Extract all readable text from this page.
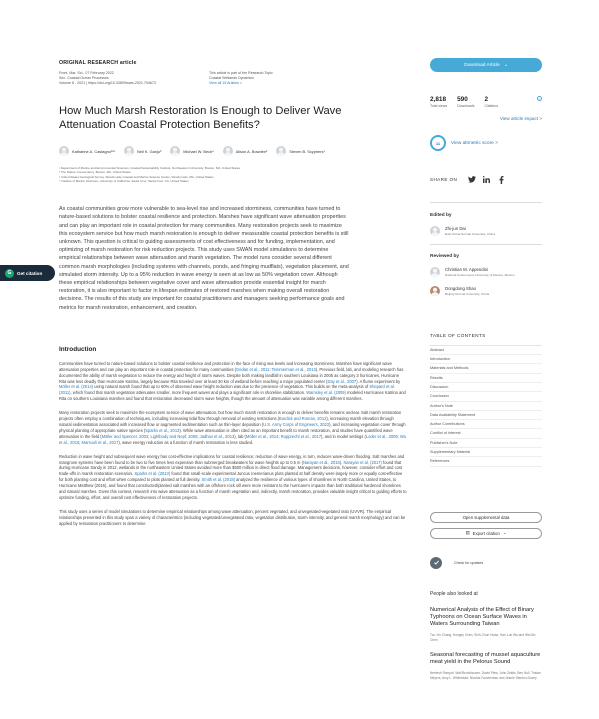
G	Get citation
ORIGINAL RESEARCH article
Front. Mar. Sci., 07 February 2022
Sec. Coastal Ocean Processes
Volume 8 - 2021 | https://doi.org/10.3389/fmars.2021.794673
This article is part of the Research Topic
Coastal Wetlands Dynamics
View all 15 Articles >
How Much Marsh Restoration Is Enough to Deliver Wave Attenuation Coastal Protection Benefits?
Katharine A. Castagno¹²*	Neil K. Ganju³	Michael W. Beck⁴	Alison A. Bowden²	Steven B. Scyphers¹
¹ Department of Marine and Environmental Sciences, Coastal Sustainability Institute, Northeastern University, Boston, MA, United States
² The Nature Conservancy, Boston, MA, United States
³ United States Geological Survey, Woods Hole Coastal and Marine Science Center, Woods Hole, MA, United States
⁴ Institute of Marine Sciences, University of California, Santa Cruz, Santa Cruz, CA, United States

As coastal communities grow more vulnerable to sea-level rise and increased storminess, communities have turned to nature-based solutions to bolster coastal resilience and protection. Marshes have significant wave attenuation properties and can play an important role in coastal protection for many communities. Many restoration projects seek to maximize this ecosystem service but how much marsh restoration is enough to deliver measurable coastal protection benefits is still unknown. This question is critical to guiding assessments of cost effectiveness and for funding, implementation, and optimizing of marsh restoration for risk reduction projects. This study uses SWAN model simulations to determine empirical relationships between wave attenuation and marsh vegetation. The model runs consider several different common marsh morphologies (including systems with channels, ponds, and fringing mudflats), vegetation placement, and simulated storm intensity. Up to a 95% reduction in wave energy is seen at as low as 50% vegetation cover. Although these empirical relationships between vegetative cover and wave attenuation provide essential insight for marsh restoration, it is also important to factor in lifespan estimates of restored marshes when making overall restoration decisions. The results of this study are important for coastal practitioners and managers seeking performance goals and metrics for marsh restoration, enhancement, and creation.

Introduction

Communities have turned to nature-based solutions to bolster coastal resilience and protection in the face of rising sea levels and increasing storminess. Marshes have significant wave attenuation properties and can play an important role in coastal protection for many communities (Gedan et al., 2011; Temmerman et al., 2013). Previous field, lab, and modeling research has documented the ability of marsh vegetation to reduce the energy and height of storm waves. Despite both making landfall in southern Louisiana in 2005 as category 3 hurricanes, Hurricane Rita was less deadly than Hurricane Katrina, largely because Rita traveled over at least 30 km of wetland before reaching a major populated center (Day et al., 2007). A flume experiment by Möller et al. (2014) using natural marsh found that up to 60% of observed wave height reduction was due to the presence of vegetation. This builds on the meta-analysis of Shepard et al. (2011), which found that marsh vegetation attenuates smaller, more frequent waves and plays a significant role in shoreline stabilization. Wamsley et al. (2009) modeled Hurricanes Katrina and Rita on southern Louisiana marshes and found that restoration decreased storm wave heights, though the amount of attenuation was variable among different marshes.

Many restoration projects seek to maximize the ecosystem service of wave attenuation, but how much marsh restoration is enough to deliver benefits remains unclear. Salt marsh restoration projects often employ a combination of techniques, including increasing tidal flow through removal of existing restrictions (Burdick and Roman, 2012), increasing marsh elevation through natural sedimentation associated with increased flow or augmented sedimentation such as thin-layer deposition (U.S. Army Corps of Engineers, 2022), and increasing vegetation cover through physical planting of appropriate native species (Sparks et al., 2013). While wave attenuation is often cited as an important benefit to marsh restoration, and studies have quantified wave attenuation in the field (Möller and Spencer, 2002; Lightbody and Nepf, 2006; Jadhav et al., 2013), lab (Möller et al., 2014; Rupprecht et al., 2017), and in model settings (Loder et al., 2009; Wu et al., 2016; Marsooli et al., 2017), wave energy reduction as a function of marsh restoration is less studied.

Reduction in wave height and subsequent wave energy has cost-effective implications for coastal resilience; reduction of wave energy, in turn, reduces wave-driven flooding. Salt marshes and mangrove systems have been found to be two to five times less expensive than submerged breakwaters for wave heights up to 0.5 m (Narayan et al., 2016). Narayan et al. (2017) found that during Hurricane Sandy in 2012, wetlands in the northeastern United States avoided more than $600 million in direct flood damage. Management decisions, however, consider effort and cost trade-offs in marsh restoration scenarios. Sparks et al. (2013) found that small-scale experimental Juncus roemerianus plots planted at half density were largely more or equally cost-effective for both planting cost and effort when compared to plots planted at full density. Smith et al. (2018) analyzed the resilience of various types of shorelines in North Carolina, United States, to Hurricane Matthew (2016), and found that constructed/planted salt marshes with an offshore rock sill were more resistant to the hurricane's impacts than both traditional hardened shorelines and natural marshes. Given this context, research into wave attenuation as a function of marsh vegetation and, indirectly, marsh restoration, provides valuable insight critical to guiding efforts to optimize funding, effort, and overall cost effectiveness of restoration projects.

This study uses a series of model simulations to determine empirical relationships among wave attenuation, percent vegetated, and unvegetated-vegetated ratio (UVVR). The empirical relationships presented in this study span a variety of characteristics (including vegetated/unvegetated ratio, vegetation distribution, storm intensity, and general marsh morphology) and can be applied by restoration practitioners to determine

Download Article ⌄
2,818
Total views
590
Downloads
2
Citations
i
View article impact >
11	View altmetric score >
SHARE ON
Edited by
Zhi-jun Dai
East China Normal University, China
Reviewed by
Christian M. Appendini
National Autonomous University of Mexico, Mexico
Dongdong Shao
Beijing Normal University, China
TABLE OF CONTENTS
Abstract
Introduction
Materials and Methods
Results
Discussion
Conclusion
Author's Note
Data Availability Statement
Author Contributions
Conflict of Interest
Publisher's Note
Supplementary Material
References
Open supplemental data
▤ Export citation ⌄
Check for updates
People also looked at
Numerical Analysis of the Effect of Binary Typhoons on Ocean Surface Waves in Waters Surrounding Taiwan
Tzu-Yin Chang, Hongey Chen, Shih-Chun Hsiao, Han-Lun Wu and Wei-Bo Chen
Seasonal forecasting of mussel aquaculture meat yield in the Pelorus Sound
Neelesh Rampal, Wall Broekhuizen, David Plew, John Zeldis, Ben Noll, Tristan Meyers, Amy L. Whitehead, Nicolas Fauchereau and Jeanie Stenton-Dozey
